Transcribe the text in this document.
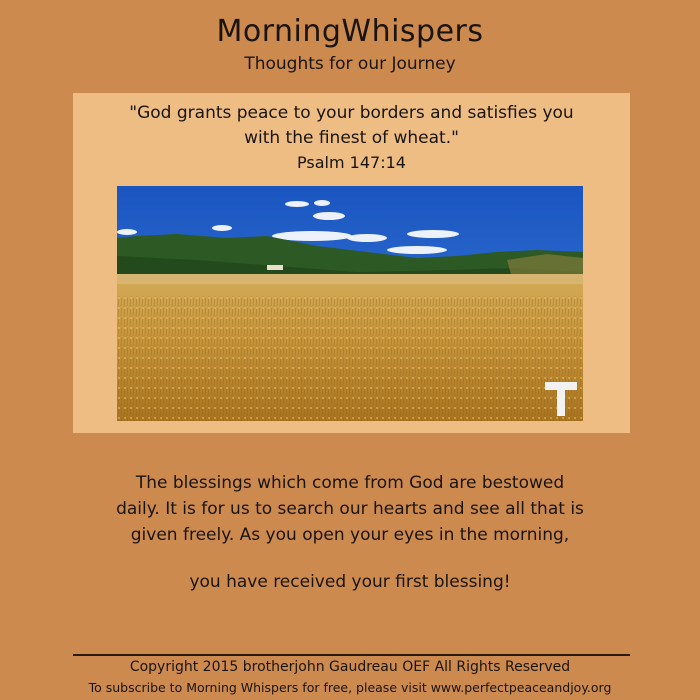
MorningWhispers
Thoughts for our Journey
"God grants peace to your borders and satisfies you
with the finest of wheat."
Psalm 147:14
The blessings which come from God are bestowed
daily. It is for us to search our hearts and see all that is
given freely. As you open your eyes in the morning,
you have received your first blessing!
Copyright 2015 brotherjohn Gaudreau OEF All Rights Reserved
To subscribe to Morning Whispers for free, please visit www.perfectpeaceandjoy.org
